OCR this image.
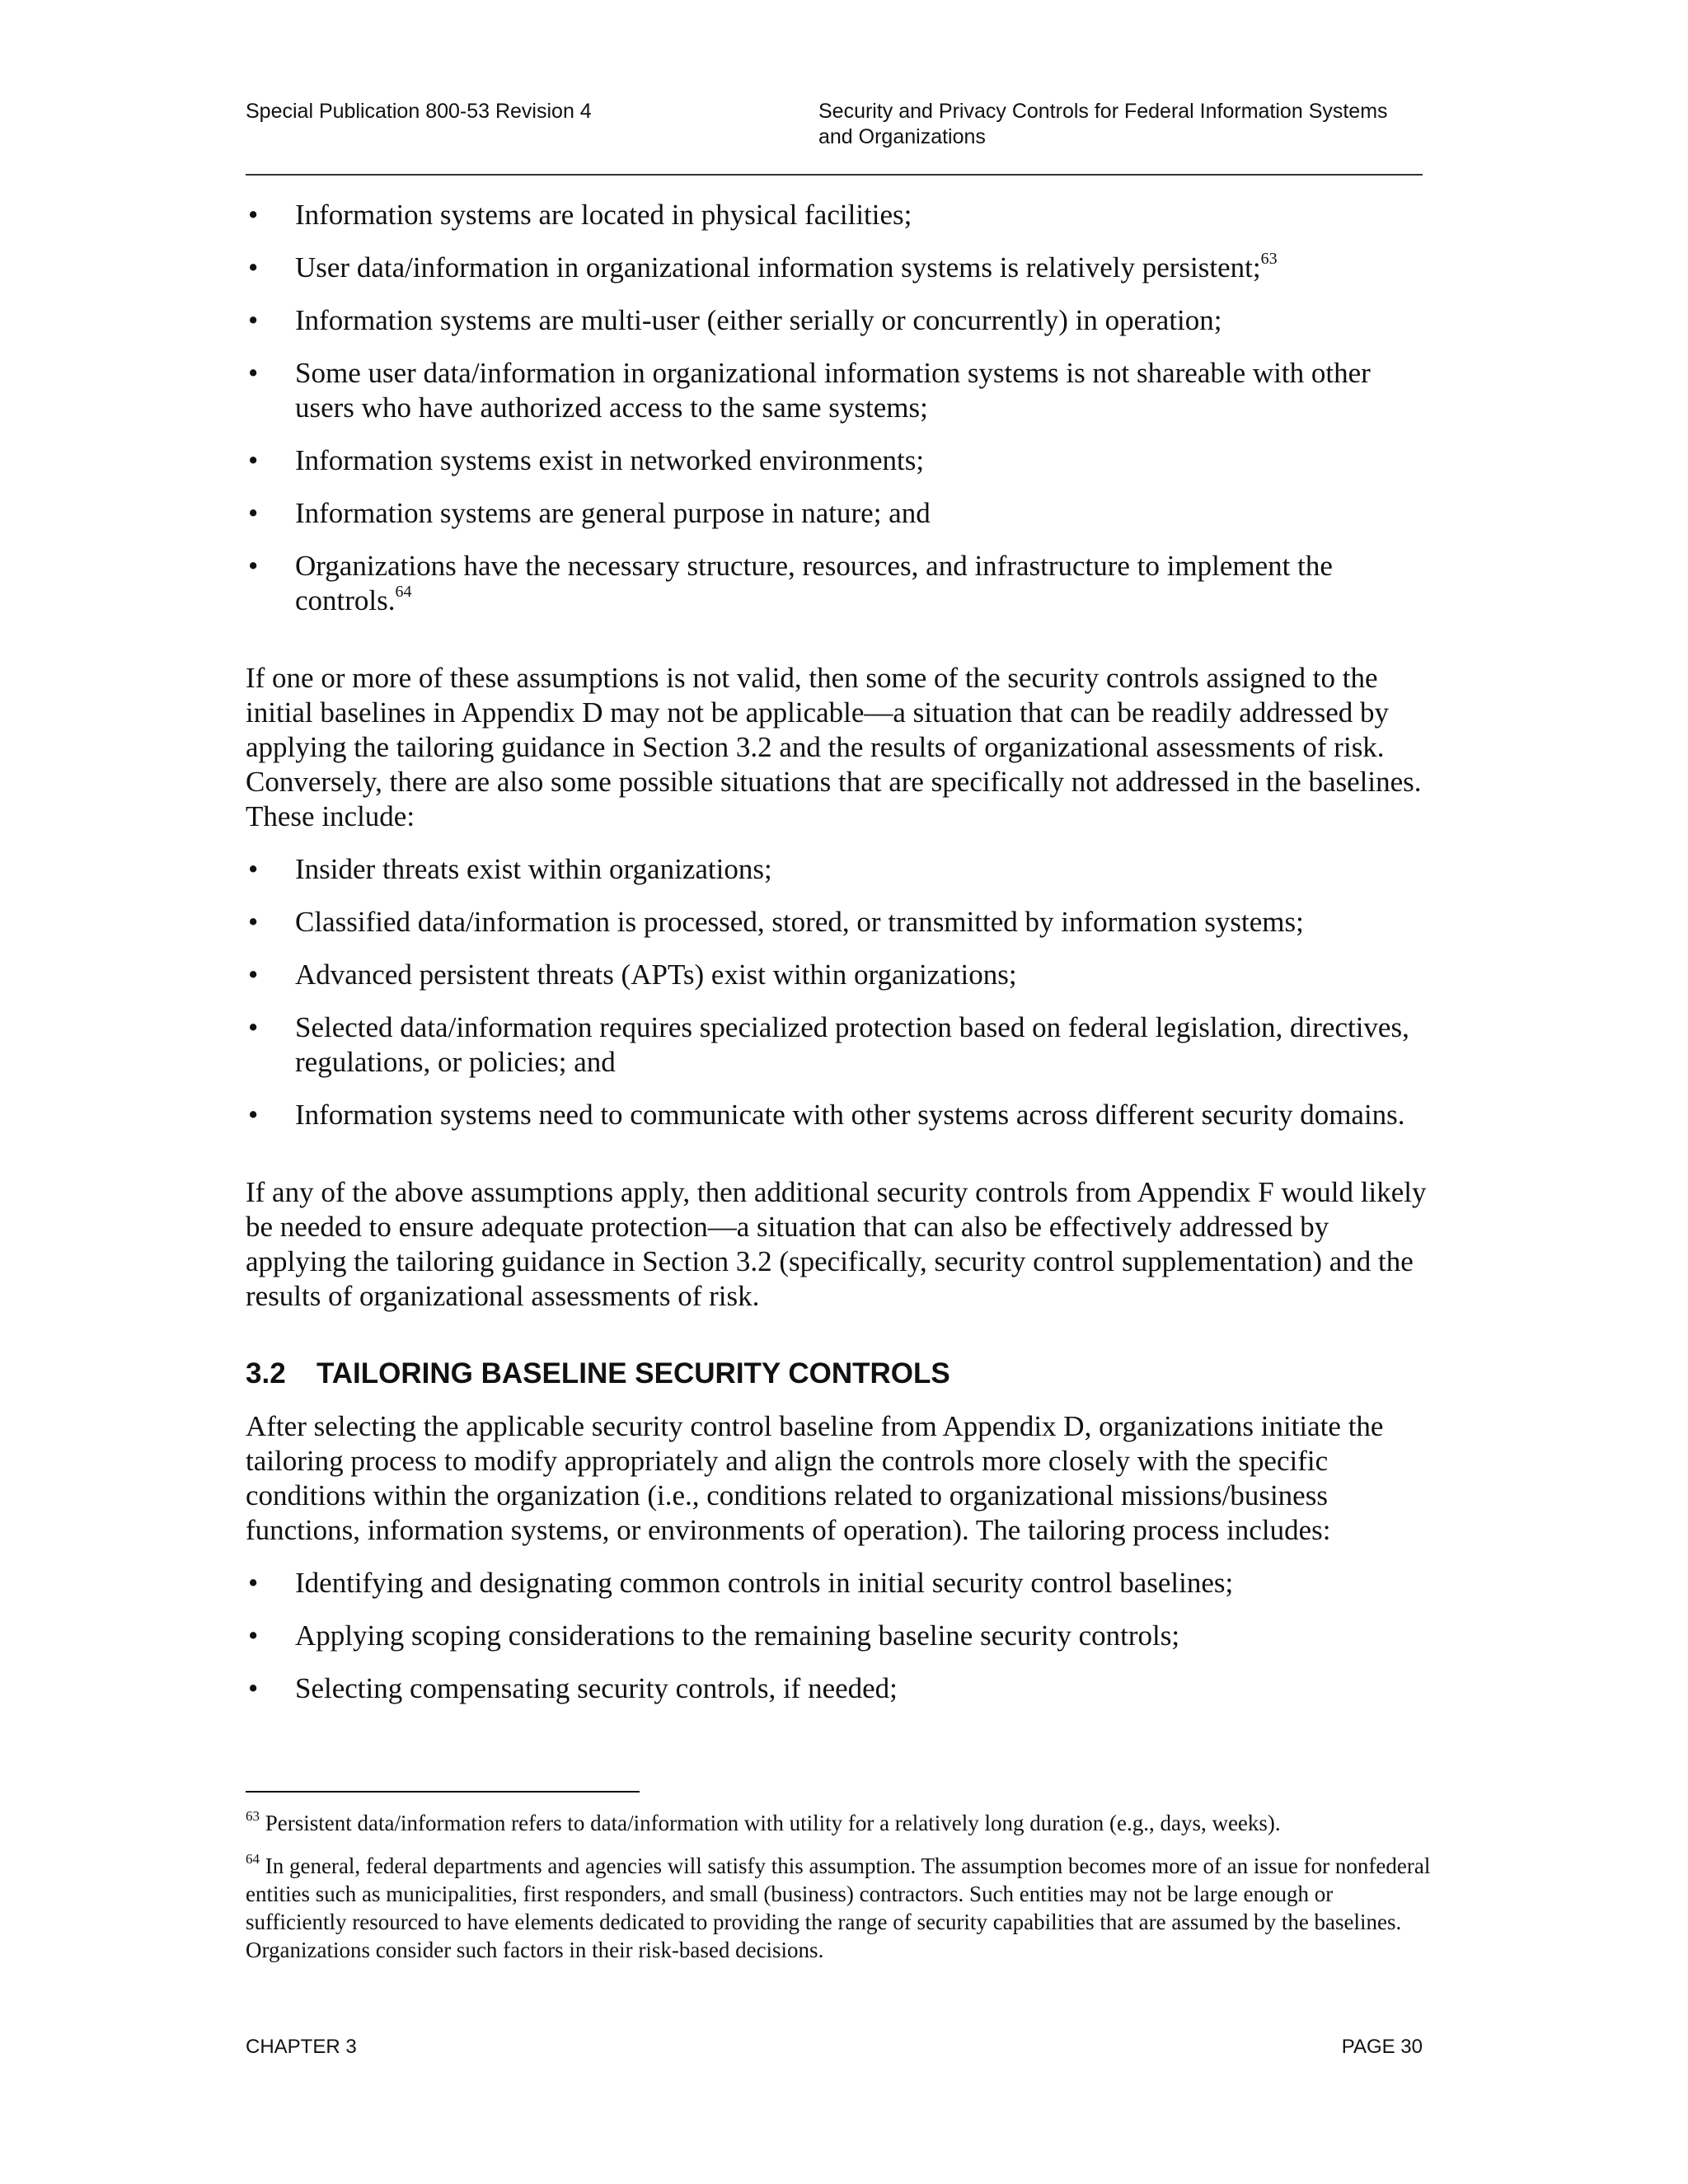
Special Publication 800-53 Revision 4	Security and Privacy Controls for Federal Information Systems
and Organizations
• Information systems are located in physical facilities;
• User data/information in organizational information systems is relatively persistent;$^{63}$
• Information systems are multi-user (either serially or concurrently) in operation;
• Some user data/information in organizational information systems is not shareable with other users who have authorized access to the same systems;
• Information systems exist in networked environments;
• Information systems are general purpose in nature; and
• Organizations have the necessary structure, resources, and infrastructure to implement the controls.$^{64}$

If one or more of these assumptions is not valid, then some of the security controls assigned to the initial baselines in Appendix D may not be applicable—a situation that can be readily addressed by applying the tailoring guidance in Section 3.2 and the results of organizational assessments of risk. Conversely, there are also some possible situations that are specifically not addressed in the baselines. These include:

• Insider threats exist within organizations;
• Classified data/information is processed, stored, or transmitted by information systems;
• Advanced persistent threats (APTs) exist within organizations;
• Selected data/information requires specialized protection based on federal legislation, directives, regulations, or policies; and
• Information systems need to communicate with other systems across different security domains.

If any of the above assumptions apply, then additional security controls from Appendix F would likely be needed to ensure adequate protection—a situation that can also be effectively addressed by applying the tailoring guidance in Section 3.2 (specifically, security control supplementation) and the results of organizational assessments of risk.

3.2 TAILORING BASELINE SECURITY CONTROLS

After selecting the applicable security control baseline from Appendix D, organizations initiate the tailoring process to modify appropriately and align the controls more closely with the specific conditions within the organization (i.e., conditions related to organizational missions/business functions, information systems, or environments of operation). The tailoring process includes:

• Identifying and designating common controls in initial security control baselines;
• Applying scoping considerations to the remaining baseline security controls;
• Selecting compensating security controls, if needed;

$^{63}$ Persistent data/information refers to data/information with utility for a relatively long duration (e.g., days, weeks).

$^{64}$ In general, federal departments and agencies will satisfy this assumption. The assumption becomes more of an issue for nonfederal entities such as municipalities, first responders, and small (business) contractors. Such entities may not be large enough or sufficiently resourced to have elements dedicated to providing the range of security capabilities that are assumed by the baselines. Organizations consider such factors in their risk-based decisions.

CHAPTER 3	PAGE 30
